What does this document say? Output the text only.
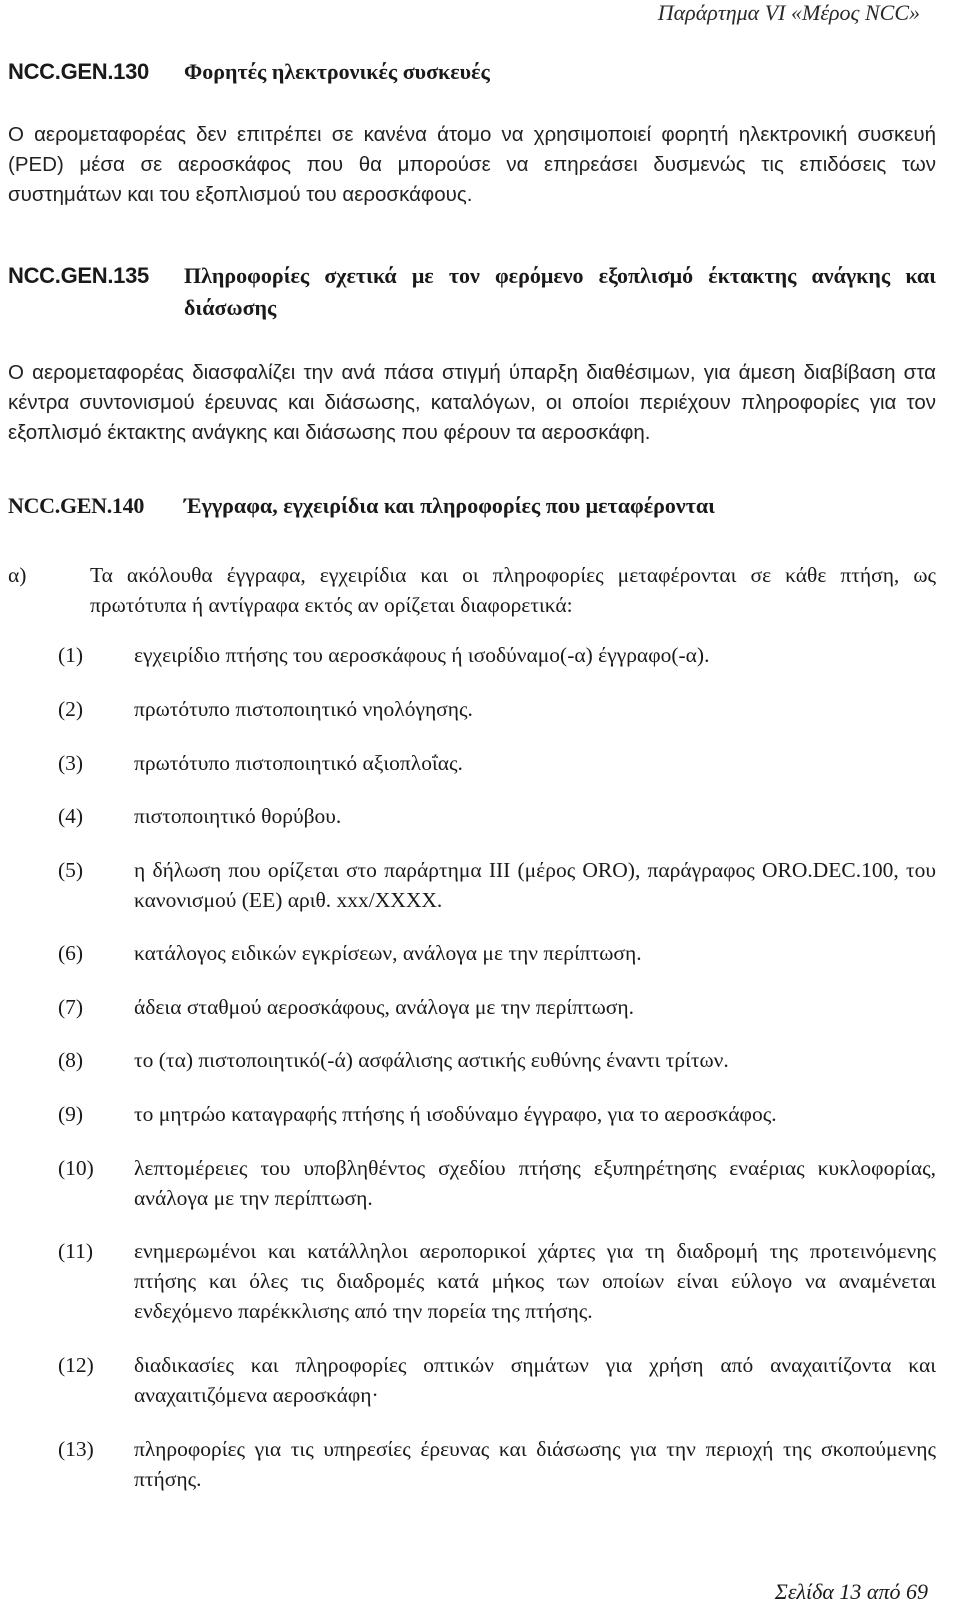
Παράρτημα VI «Μέρος NCC»
NCC.GEN.130	Φορητές ηλεκτρονικές συσκευές
Ο αερομεταφορέας δεν επιτρέπει σε κανένα άτομο να χρησιμοποιεί φορητή ηλεκτρονική συσκευή (PED) μέσα σε αεροσκάφος που θα μπορούσε να επηρεάσει δυσμενώς τις επιδόσεις των συστημάτων και του εξοπλισμού του αεροσκάφους.
NCC.GEN.135	Πληροφορίες σχετικά με τον φερόμενο εξοπλισμό έκτακτης ανάγκης και διάσωσης
Ο αερομεταφορέας διασφαλίζει την ανά πάσα στιγμή ύπαρξη διαθέσιμων, για άμεση διαβίβαση στα κέντρα συντονισμού έρευνας και διάσωσης, καταλόγων, οι οποίοι περιέχουν πληροφορίες για τον εξοπλισμό έκτακτης ανάγκης και διάσωσης που φέρουν τα αεροσκάφη.
NCC.GEN.140	Έγγραφα, εγχειρίδια και πληροφορίες που μεταφέρονται
α)	Τα ακόλουθα έγγραφα, εγχειρίδια και οι πληροφορίες μεταφέρονται σε κάθε πτήση, ως πρωτότυπα ή αντίγραφα εκτός αν ορίζεται διαφορετικά:
(1)	εγχειρίδιο πτήσης του αεροσκάφους ή ισοδύναμο(-α) έγγραφο(-α).
(2)	πρωτότυπο πιστοποιητικό νηολόγησης.
(3)	πρωτότυπο πιστοποιητικό αξιοπλοΐας.
(4)	πιστοποιητικό θορύβου.
(5)	η δήλωση που ορίζεται στο παράρτημα III (μέρος ORO), παράγραφος ORO.DEC.100, του κανονισμού (ΕΕ) αριθ. xxx/XXXX.
(6)	κατάλογος ειδικών εγκρίσεων, ανάλογα με την περίπτωση.
(7)	άδεια σταθμού αεροσκάφους, ανάλογα με την περίπτωση.
(8)	το (τα) πιστοποιητικό(-ά) ασφάλισης αστικής ευθύνης έναντι τρίτων.
(9)	το μητρώο καταγραφής πτήσης ή ισοδύναμο έγγραφο, για το αεροσκάφος.
(10)	λεπτομέρειες του υποβληθέντος σχεδίου πτήσης εξυπηρέτησης εναέριας κυκλοφορίας, ανάλογα με την περίπτωση.
(11)	ενημερωμένοι και κατάλληλοι αεροπορικοί χάρτες για τη διαδρομή της προτεινόμενης πτήσης και όλες τις διαδρομές κατά μήκος των οποίων είναι εύλογο να αναμένεται ενδεχόμενο παρέκκλισης από την πορεία της πτήσης.
(12)	διαδικασίες και πληροφορίες οπτικών σημάτων για χρήση από αναχαιτίζοντα και αναχαιτιζόμενα αεροσκάφη·
(13)	πληροφορίες για τις υπηρεσίες έρευνας και διάσωσης για την περιοχή της σκοπούμενης πτήσης.
Σελίδα 13 από 69
